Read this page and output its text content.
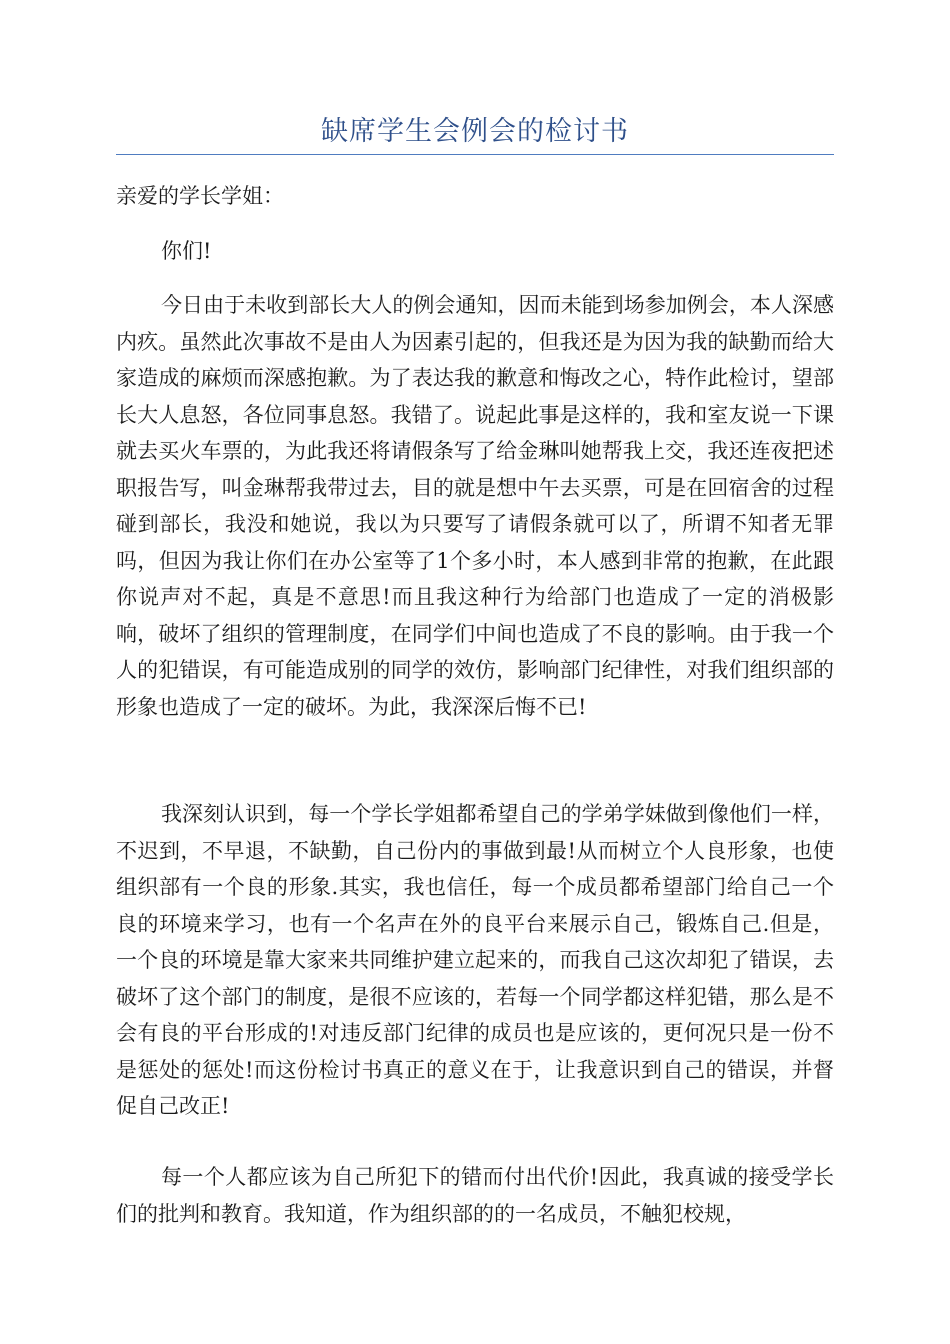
缺席学生会例会的检讨书

亲爱的学长学姐：

你们!

今日由于未收到部长大人的例会通知，因而未能到场参加例会，本人深感内疚。虽然此次事故不是由人为因素引起的，但我还是为因为我的缺勤而给大家造成的麻烦而深感抱歉。为了表达我的歉意和悔改之心，特作此检讨，望部长大人息怒，各位同事息怒。我错了。说起此事是这样的，我和室友说一下课就去买火车票的，为此我还将请假条写了给金琳叫她帮我上交，我还连夜把述职报告写，叫金琳帮我带过去，目的就是想中午去买票，可是在回宿舍的过程碰到部长，我没和她说，我以为只要写了请假条就可以了，所谓不知者无罪吗，但因为我让你们在办公室等了1个多小时，本人感到非常的抱歉，在此跟你说声对不起，真是不意思!而且我这种行为给部门也造成了一定的消极影响，破坏了组织的管理制度，在同学们中间也造成了不良的影响。由于我一个人的犯错误，有可能造成别的同学的效仿，影响部门纪律性，对我们组织部的形象也造成了一定的破坏。为此，我深深后悔不已!

我深刻认识到，每一个学长学姐都希望自己的学弟学妹做到像他们一样，不迟到，不早退，不缺勤，自己份内的事做到最!从而树立个人良形象，也使组织部有一个良的形象.其实，我也信任，每一个成员都希望部门给自己一个良的环境来学习，也有一个名声在外的良平台来展示自己，锻炼自己.但是，一个良的环境是靠大家来共同维护建立起来的，而我自己这次却犯了错误，去破坏了这个部门的制度，是很不应该的，若每一个同学都这样犯错，那么是不会有良的平台形成的!对违反部门纪律的成员也是应该的，更何况只是一份不是惩处的惩处!而这份检讨书真正的意义在于，让我意识到自己的错误，并督促自己改正!

每一个人都应该为自己所犯下的错而付出代价!因此，我真诚的接受学长们的批判和教育。我知道，作为组织部的的一名成员，不触犯校规，
